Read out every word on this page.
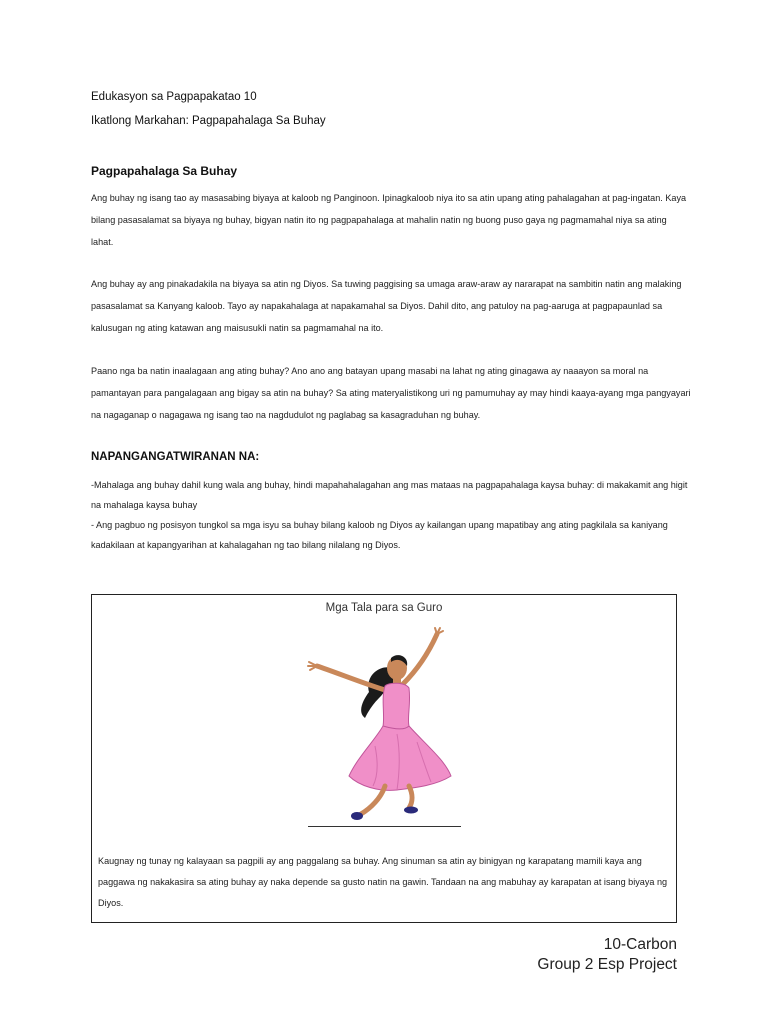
Edukasyon sa Pagpapakatao 10
Ikatlong Markahan: Pagpapahalaga Sa Buhay
Pagpapahalaga Sa Buhay

Ang buhay ng isang tao ay masasabing biyaya at kaloob ng Panginoon. Ipinagkaloob niya ito sa atin upang ating pahalagahan at pag-ingatan. Kaya bilang pasasalamat sa biyaya ng buhay, bigyan natin ito ng pagpapahalaga at mahalin natin ng buong puso gaya ng pagmamahal niya sa ating lahat.

Ang buhay ay ang pinakadakila na biyaya sa atin ng Diyos. Sa tuwing paggising sa umaga araw-araw ay nararapat na sambitin natin ang malaking pasasalamat sa Kanyang kaloob. Tayo ay napakahalaga at napakamahal sa Diyos. Dahil dito, ang patuloy na pag-aaruga at pagpapaunlad sa kalusugan ng ating katawan ang maisusukli natin sa pagmamahal na ito.

Paano nga ba natin inaalagaan ang ating buhay? Ano ano ang batayan upang masabi na lahat ng ating ginagawa ay naaayon sa moral na pamantayan para pangalagaan ang bigay sa atin na buhay? Sa ating materyalistikong uri ng pamumuhay ay may hindi kaaya-ayang mga pangyayari na nagaganap o nagagawa ng isang tao na nagdudulot ng paglabag sa kasagraduhan ng buhay.

NAPANGANGATWIRANAN NA:
-Mahalaga ang buhay dahil kung wala ang buhay, hindi mapahahalagahan ang mas mataas na pagpapahalaga kaysa buhay: di makakamit ang higit na mahalaga kaysa buhay
- Ang pagbuo ng posisyon tungkol sa mga isyu sa buhay bilang kaloob ng Diyos ay kailangan upang mapatibay ang ating pagkilala sa kaniyang kadakilaan at kapangyarihan at kahalagahan ng tao bilang nilalang ng Diyos.
Mga Tala para sa Guro

Kaugnay ng tunay ng kalayaan sa pagpili ay ang paggalang sa buhay. Ang sinuman sa atin ay binigyan ng karapatang mamili kaya ang paggawa ng nakakasira sa ating buhay ay naka depende sa gusto natin na gawin. Tandaan na ang mabuhay ay karapatan at isang biyaya ng Diyos.

10-Carbon
Group 2 Esp Project
